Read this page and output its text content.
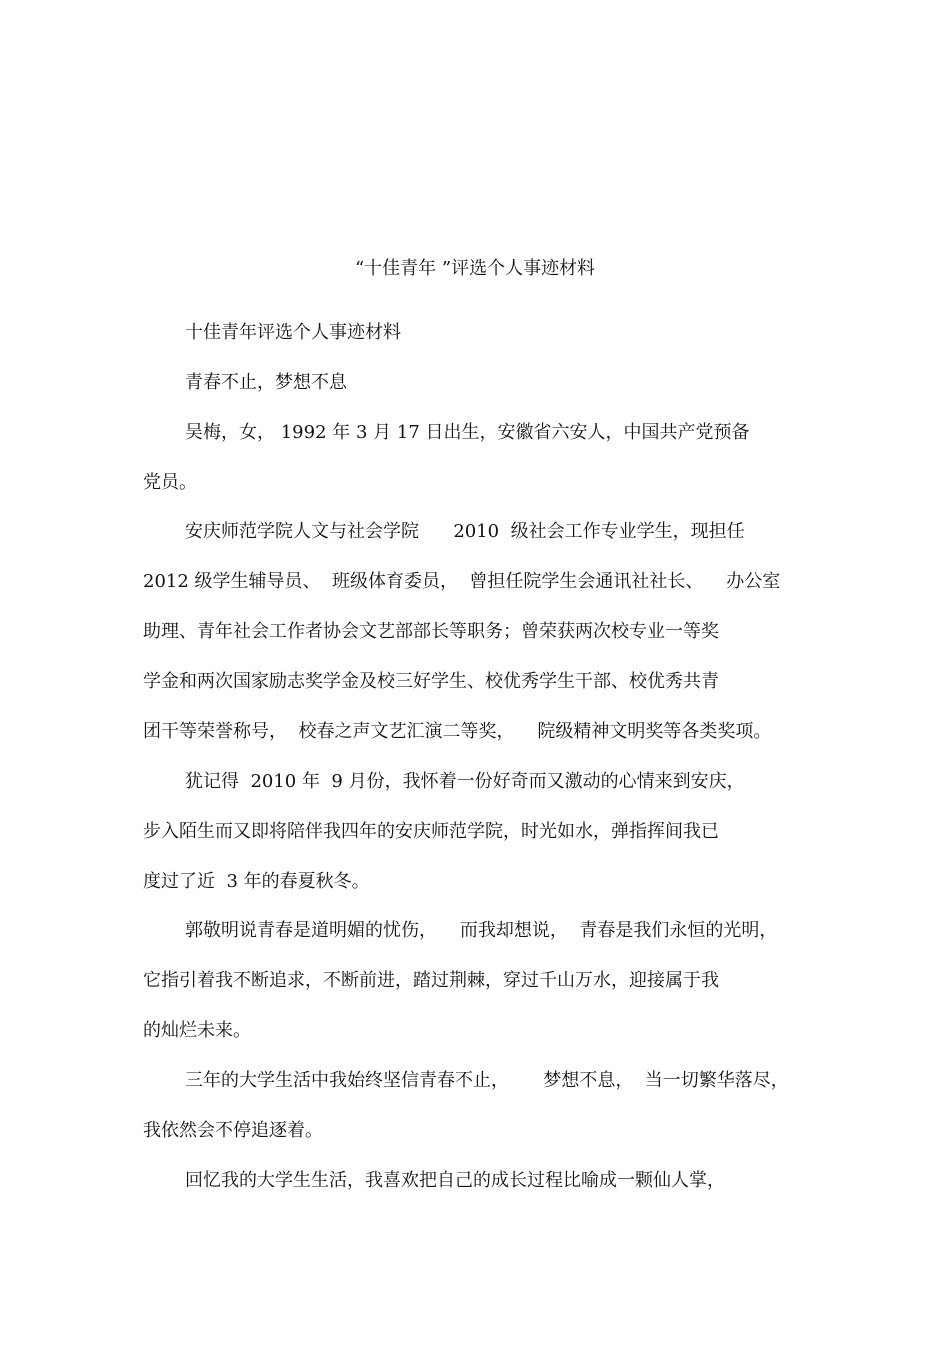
“十佳青年 ”评选个人事迹材料
十佳青年评选个人事迹材料
青春不止，梦想不息
吴梅，女， 1992 年 3 月 17 日出生，安徽省六安人，中国共产党预备
党员。
安庆师范学院人文与社会学院      2010  级社会工作专业学生，现担任
2012 级学生辅导员、  班级体育委员，  曾担任院学生会通讯社社长、    办公室
助理、青年社会工作者协会文艺部部长等职务；曾荣获两次校专业一等奖
学金和两次国家励志奖学金及校三好学生、校优秀学生干部、校优秀共青
团干等荣誉称号，  校春之声文艺汇演二等奖，    院级精神文明奖等各类奖项。
犹记得  2010 年  9 月份，我怀着一份好奇而又激动的心情来到安庆，
步入陌生而又即将陪伴我四年的安庆师范学院，时光如水，弹指挥间我已
度过了近  3 年的春夏秋冬。
郭敬明说青春是道明媚的忧伤，    而我却想说，  青春是我们永恒的光明，
它指引着我不断追求，不断前进，踏过荆棘，穿过千山万水，迎接属于我
的灿烂未来。
三年的大学生活中我始终坚信青春不止，      梦想不息，  当一切繁华落尽，
我依然会不停追逐着。
回忆我的大学生生活，我喜欢把自己的成长过程比喻成一颗仙人掌，
